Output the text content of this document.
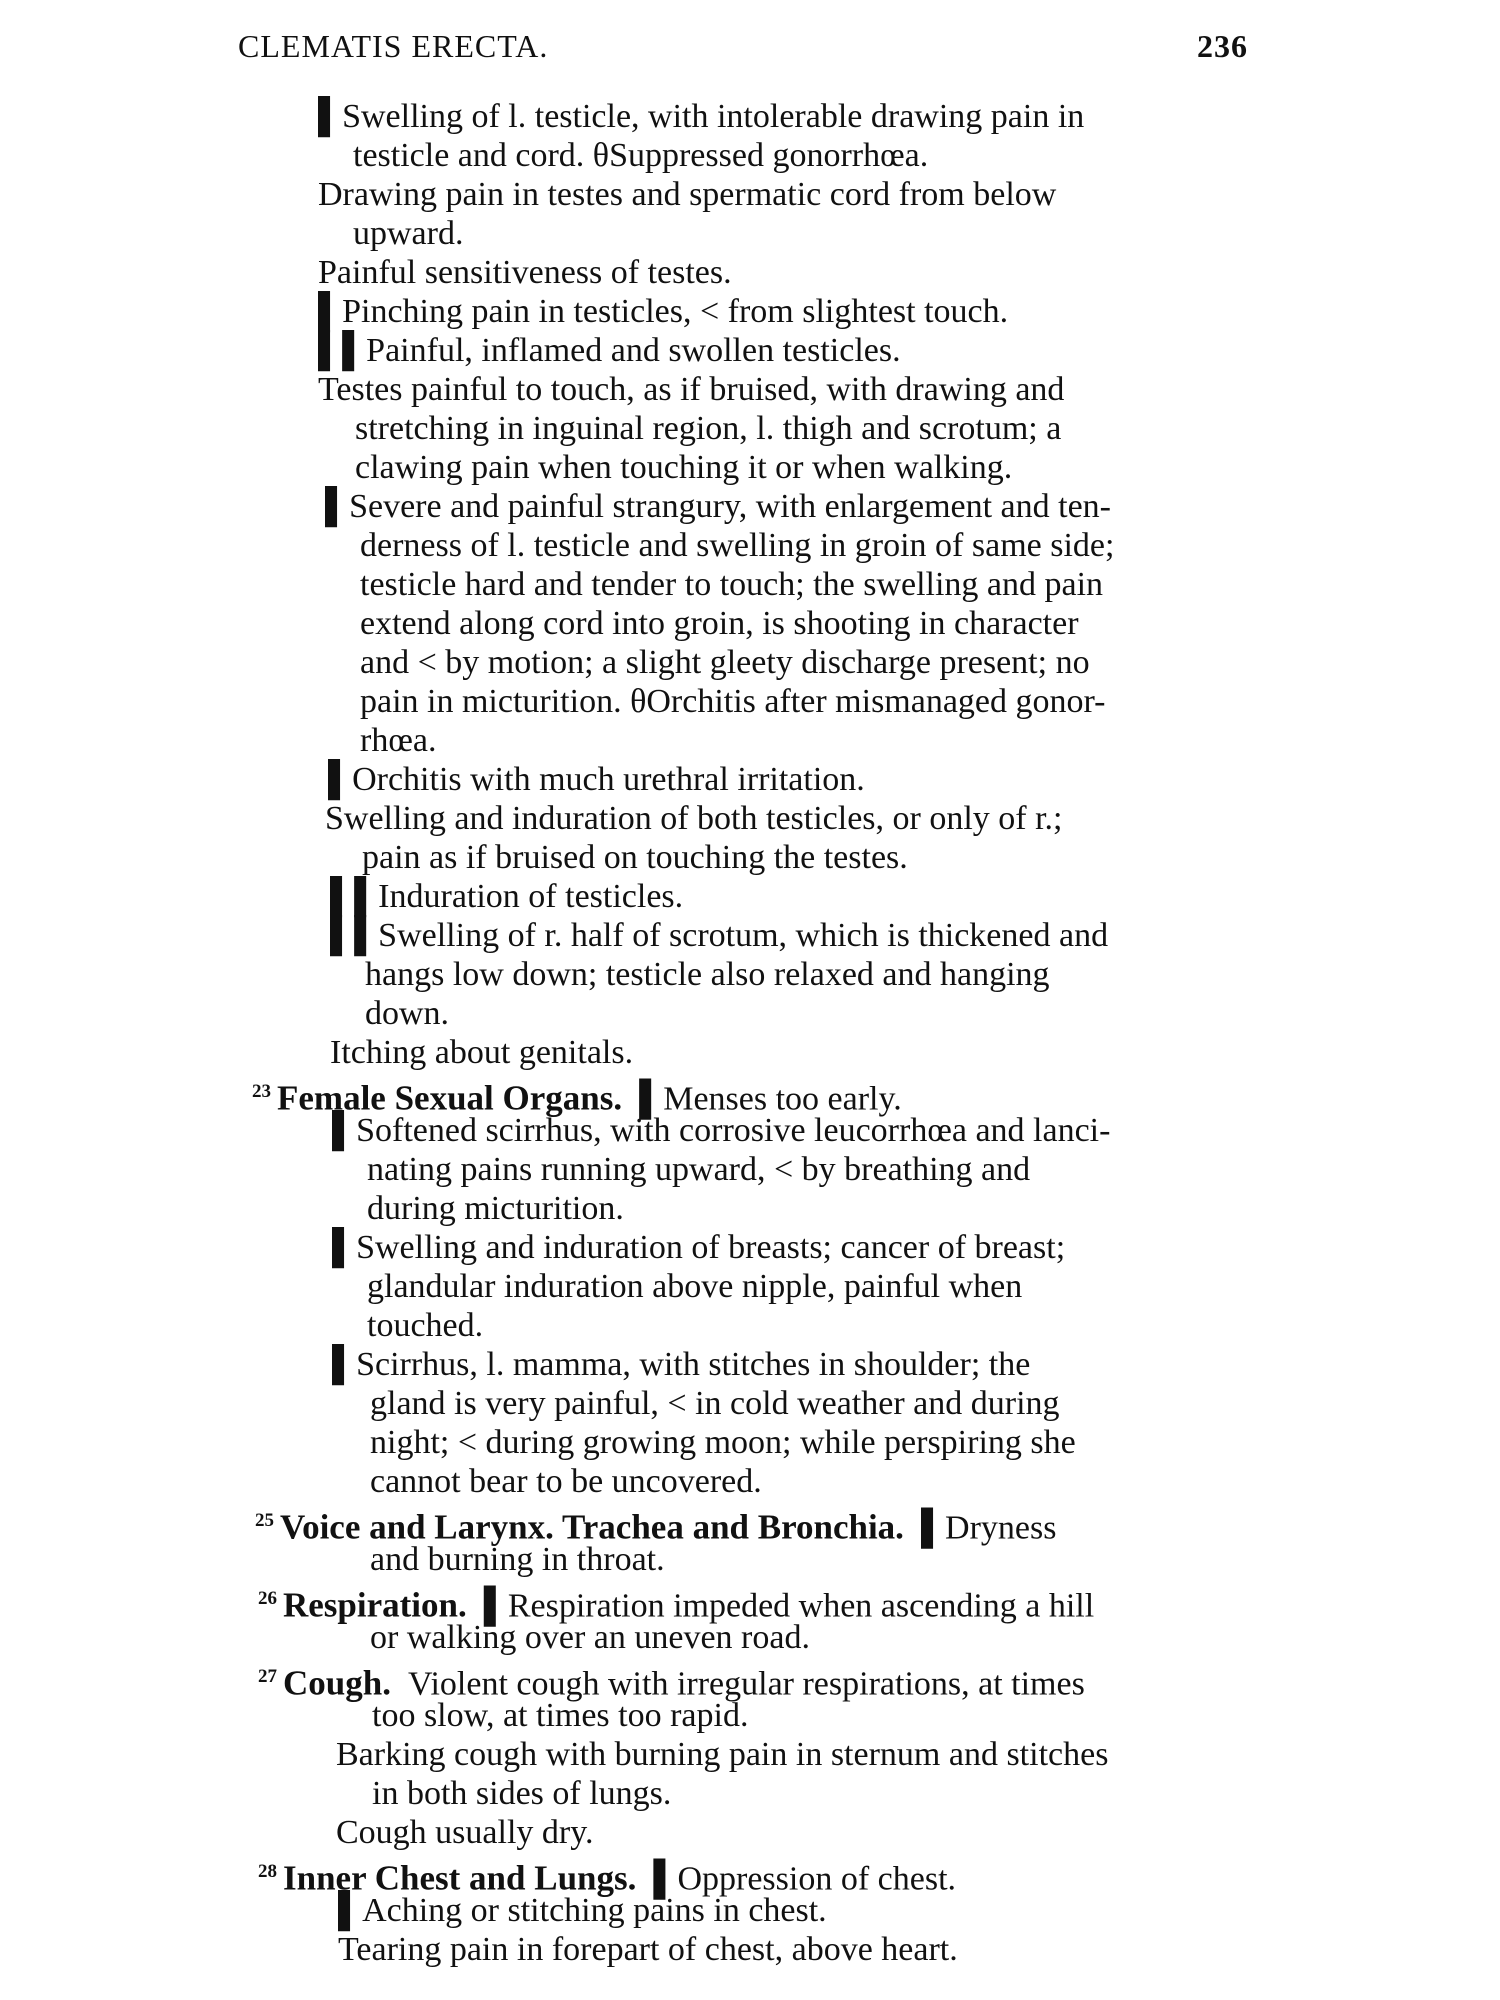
CLEMATIS ERECTA.	236
▌Swelling of l. testicle, with intolerable drawing pain in
testicle and cord. θSuppressed gonorrhœa.
Drawing pain in testes and spermatic cord from below
upward.
Painful sensitiveness of testes.
▌Pinching pain in testicles, < from slightest touch.
▌▌Painful, inflamed and swollen testicles.
Testes painful to touch, as if bruised, with drawing and
stretching in inguinal region, l. thigh and scrotum; a
clawing pain when touching it or when walking.
▌Severe and painful strangury, with enlargement and ten-
derness of l. testicle and swelling in groin of same side;
testicle hard and tender to touch; the swelling and pain
extend along cord into groin, is shooting in character
and < by motion; a slight gleety discharge present; no
pain in micturition. θOrchitis after mismanaged gonor-
rhœa.
▌Orchitis with much urethral irritation.
Swelling and induration of both testicles, or only of r.;
pain as if bruised on touching the testes.
▌▌Induration of testicles.
▌▌Swelling of r. half of scrotum, which is thickened and
hangs low down; testicle also relaxed and hanging
down.
Itching about genitals.
$^{23}$ Female Sexual Organs. ▌Menses too early.
▌Softened scirrhus, with corrosive leucorrhœa and lanci-
nating pains running upward, < by breathing and
during micturition.
▌Swelling and induration of breasts; cancer of breast;
glandular induration above nipple, painful when
touched.
▌Scirrhus, l. mamma, with stitches in shoulder; the
gland is very painful, < in cold weather and during
night; < during growing moon; while perspiring she
cannot bear to be uncovered.
$^{25}$ Voice and Larynx. Trachea and Bronchia. ▌Dryness
and burning in throat.
$^{26}$ Respiration. ▌Respiration impeded when ascending a hill
or walking over an uneven road.
$^{27}$ Cough. Violent cough with irregular respirations, at times
too slow, at times too rapid.
Barking cough with burning pain in sternum and stitches
in both sides of lungs.
Cough usually dry.
$^{28}$ Inner Chest and Lungs. ▌Oppression of chest.
▌Aching or stitching pains in chest.
Tearing pain in forepart of chest, above heart.
